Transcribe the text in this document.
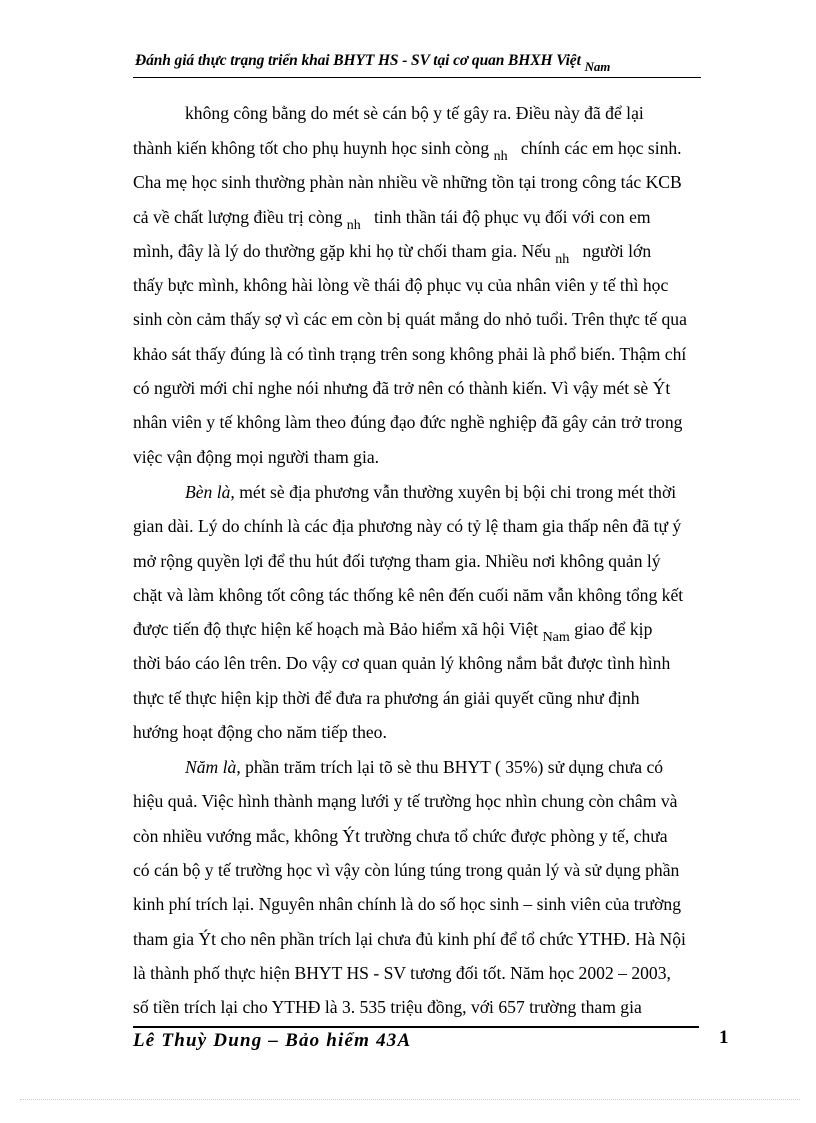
Đánh giá thực trạng triển khai BHYT HS - SV tại cơ quan BHXH Việt $_{Nam}$
không công bằng do mét sè cán bộ y tế gây ra. Điều này đã để lại
thành kiến không tốt cho phụ huynh học sinh còng $_{nh}$ chính các em học sinh.
Cha mẹ học sinh thường phàn nàn nhiều về những tồn tại trong công tác KCB
cả về chất lượng điều trị còng $_{nh}$ tinh thần tái độ phục vụ đối với con em
mình, đây là lý do thường gặp khi họ từ chối tham gia. Nếu $_{nh}$ người lớn
thấy bực mình, không hài lòng về thái độ phục vụ của nhân viên y tế thì học
sinh còn cảm thấy sợ vì các em còn bị quát mắng do nhỏ tuổi. Trên thực tế qua
khảo sát thấy đúng là có tình trạng trên song không phải là phổ biến. Thậm chí
có người mới chỉ nghe nói nhưng đã trở nên có thành kiến. Vì vậy mét sè Ýt
nhân viên y tế không làm theo đúng đạo đức nghề nghiệp đã gây cản trở trong
việc vận động mọi người tham gia.
Bèn là, mét sè địa phương vẫn thường xuyên bị bội chi trong mét thời
gian dài. Lý do chính là các địa phương này có tỷ lệ tham gia thấp nên đã tự ý
mở rộng quyền lợi để thu hút đối tượng tham gia. Nhiều nơi không quản lý
chặt và làm không tốt công tác thống kê nên đến cuối năm vẫn không tổng kết
được tiến độ thực hiện kế hoạch mà Bảo hiểm xã hội Việt $_{Nam}$ giao để kịp
thời báo cáo lên trên. Do vậy cơ quan quản lý không nắm bắt được tình hình
thực tế thực hiện kịp thời để đưa ra phương án giải quyết cũng như định
hướng hoạt động cho năm tiếp theo.
Năm là, phần trăm trích lại tõ sè thu BHYT ( 35%) sử dụng chưa có
hiệu quả. Việc hình thành mạng lưới y tế trường học nhìn chung còn châm và
còn nhiều vướng mắc, không Ýt trường chưa tổ chức được phòng y tế, chưa
có cán bộ y tế trường học vì vậy còn lúng túng trong quản lý và sử dụng phần
kinh phí trích lại. Nguyên nhân chính là do số học sinh – sinh viên của trường
tham gia Ýt cho nên phần trích lại chưa đủ kinh phí để tổ chức YTHĐ. Hà Nội
là thành phố thực hiện BHYT HS - SV tương đối tốt. Năm học 2002 – 2003,
số tiền trích lại cho YTHĐ là 3. 535 triệu đồng, với 657 trường tham gia
Lê Thuỳ Dung – Bảo hiểm 43A	1
